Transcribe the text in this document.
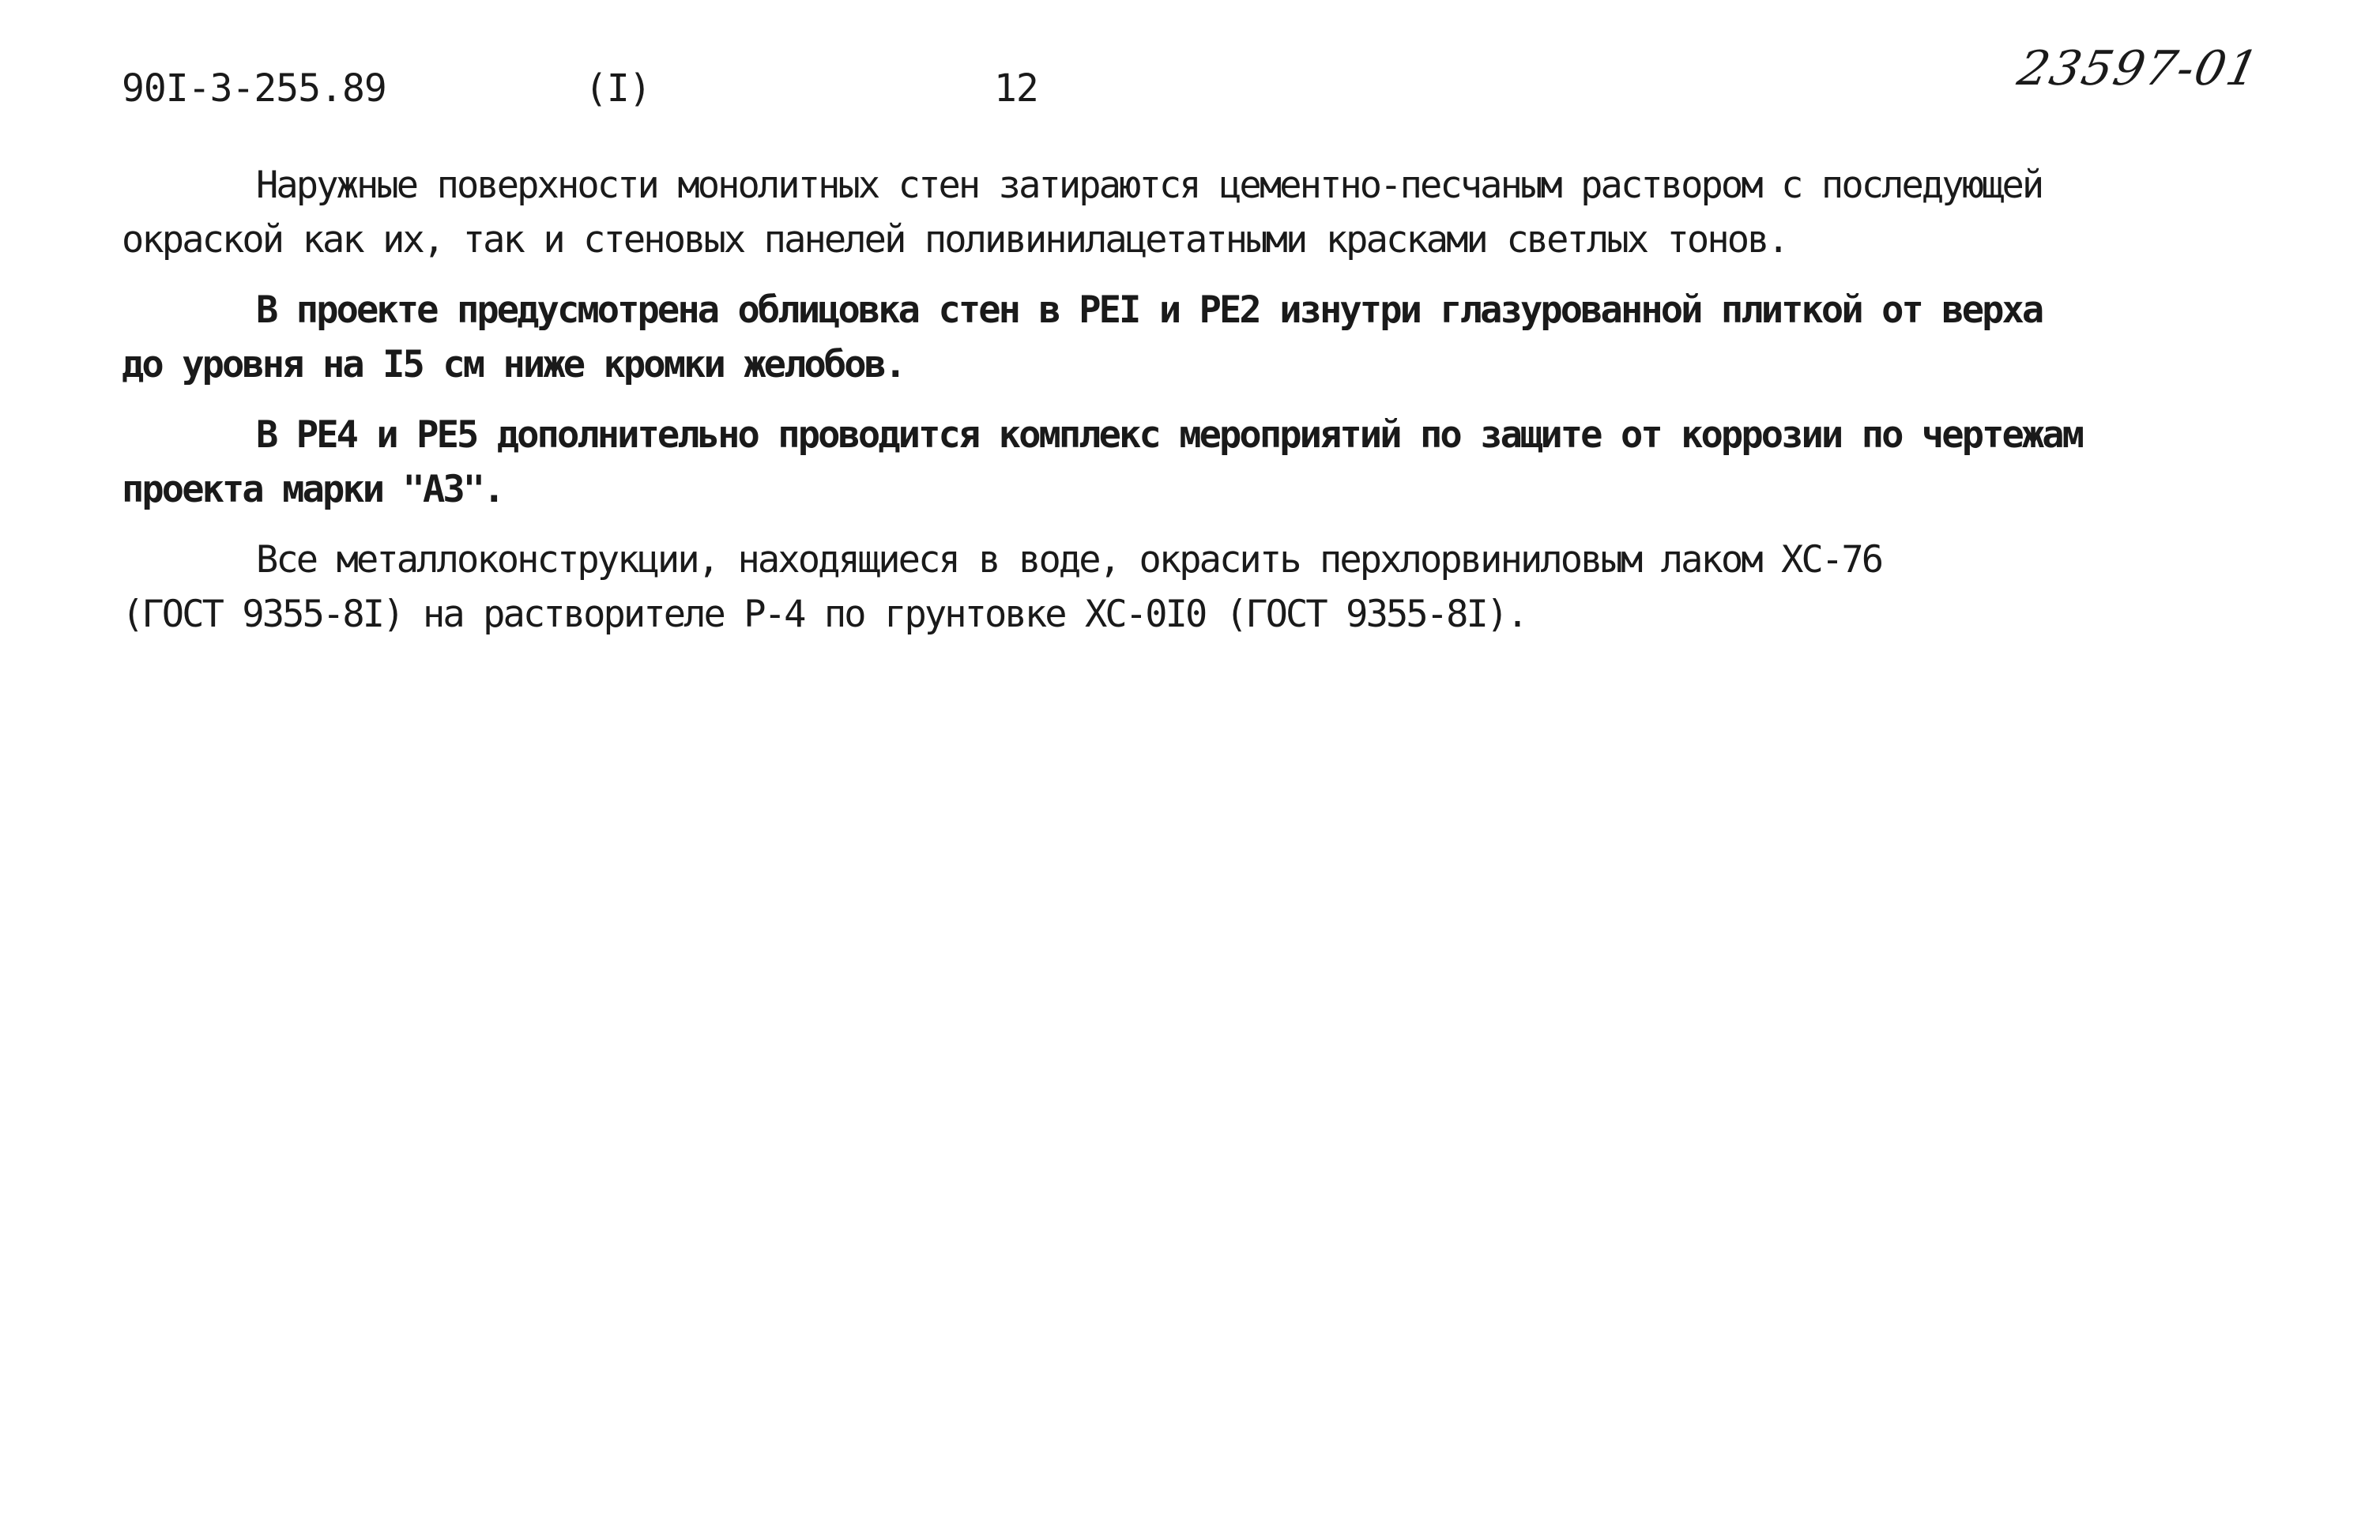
90I-3-255.89	(I)	12	23597-01

Наружные поверхности монолитных стен затираются цементно-песчаным раствором с последующей
окраской как их, так и стеновых панелей поливинилацетатными красками светлых тонов.

В проекте предусмотрена облицовка стен в PEI и PE2 изнутри глазурованной плиткой от верха
до уровня на I5 см ниже кромки желобов.

В PE4 и PE5 дополнительно проводится комплекс мероприятий по защите от коррозии по чертежам
проекта марки "АЗ".

Все металлоконструкции, находящиеся в воде, окрасить перхлорвиниловым лаком XC-76
(ГОСТ 9355-8I) на растворителе Р-4 по грунтовке XC-0I0 (ГОСТ 9355-8I).
